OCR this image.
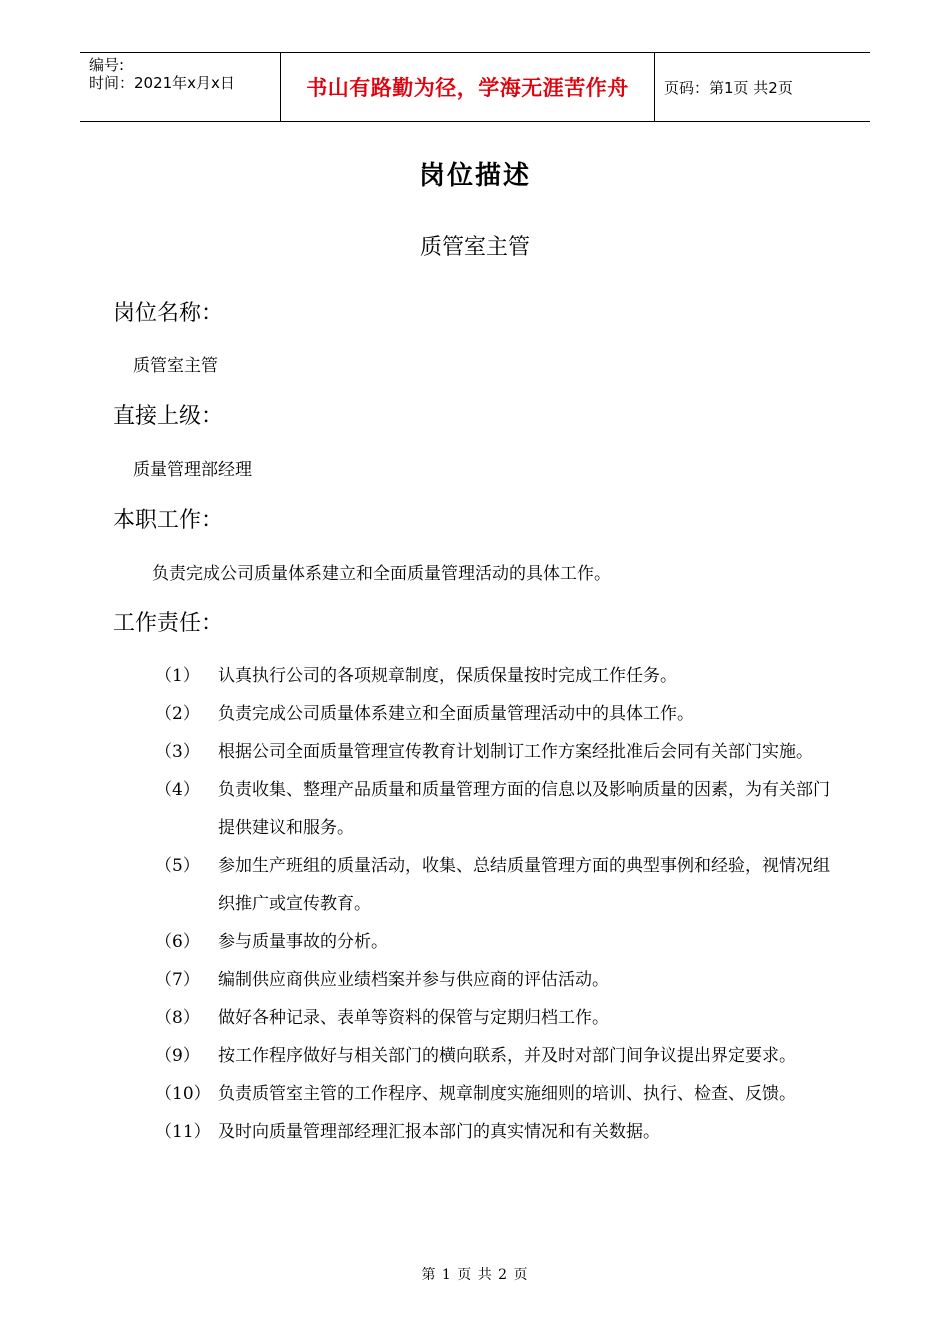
编号:
时间：2021年x月x日	书山有路勤为径，学海无涯苦作舟 页码：第1页 共2页
岗位描述
质管室主管
岗位名称：
质管室主管
直接上级：
质量管理部经理
本职工作：
负责完成公司质量体系建立和全面质量管理活动的具体工作。
工作责任：
（1）	认真执行公司的各项规章制度，保质保量按时完成工作任务。
（2）	负责完成公司质量体系建立和全面质量管理活动中的具体工作。
（3）	根据公司全面质量管理宣传教育计划制订工作方案经批准后会同有关部门实施。
（4）	负责收集、整理产品质量和质量管理方面的信息以及影响质量的因素，为有关部门提供建议和服务。
（5）	参加生产班组的质量活动，收集、总结质量管理方面的典型事例和经验，视情况组织推广或宣传教育。
（6）	参与质量事故的分析。
（7）	编制供应商供应业绩档案并参与供应商的评估活动。
（8）	做好各种记录、表单等资料的保管与定期归档工作。
（9）	按工作程序做好与相关部门的横向联系，并及时对部门间争议提出界定要求。
（10） 负责质管室主管的工作程序、规章制度实施细则的培训、执行、检查、反馈。
（11） 及时向质量管理部经理汇报本部门的真实情况和有关数据。
第 1 页 共 2 页
